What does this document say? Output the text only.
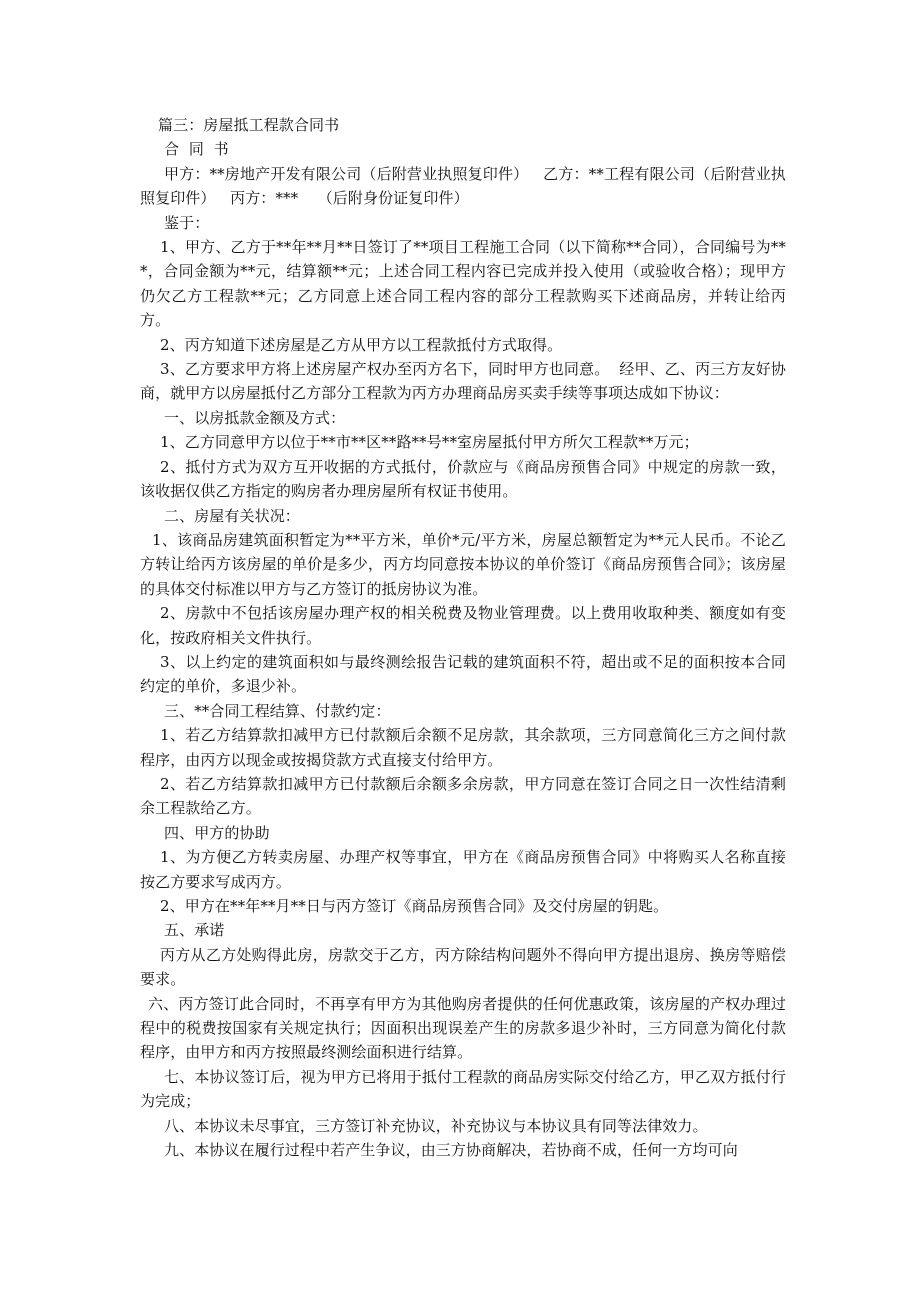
篇三：房屋抵工程款合同书

合  同  书

甲方：**房地产开发有限公司（后附营业执照复印件）   乙方：**工程有限公司（后附营业执照复印件）   丙方：***    （后附身份证复印件）

鉴于：

1、甲方、乙方于**年**月**日签订了**项目工程施工合同（以下简称**合同），合同编号为***，合同金额为**元，结算额**元；上述合同工程内容已完成并投入使用（或验收合格）；现甲方仍欠乙方工程款**元；乙方同意上述合同工程内容的部分工程款购买下述商品房，并转让给丙方。

2、丙方知道下述房屋是乙方从甲方以工程款抵付方式取得。

3、乙方要求甲方将上述房屋产权办至丙方名下，同时甲方也同意。  经甲、乙、丙三方友好协商，就甲方以房屋抵付乙方部分工程款为丙方办理商品房买卖手续等事项达成如下协议：

一、以房抵款金额及方式：

1、乙方同意甲方以位于**市**区**路**号**室房屋抵付甲方所欠工程款**万元；

2、抵付方式为双方互开收据的方式抵付，价款应与《商品房预售合同》中规定的房款一致，该收据仅供乙方指定的购房者办理房屋所有权证书使用。

二、房屋有关状况：

1、该商品房建筑面积暂定为**平方米，单价*元/平方米，房屋总额暂定为**元人民币。不论乙方转让给丙方该房屋的单价是多少，丙方均同意按本协议的单价签订《商品房预售合同》；该房屋的具体交付标准以甲方与乙方签订的抵房协议为准。

2、房款中不包括该房屋办理产权的相关税费及物业管理费。以上费用收取种类、额度如有变化，按政府相关文件执行。

3、以上约定的建筑面积如与最终测绘报告记载的建筑面积不符，超出或不足的面积按本合同约定的单价，多退少补。

三、**合同工程结算、付款约定：

1、若乙方结算款扣减甲方已付款额后余额不足房款，其余款项，三方同意简化三方之间付款程序，由丙方以现金或按揭贷款方式直接支付给甲方。

2、若乙方结算款扣减甲方已付款额后余额多余房款，甲方同意在签订合同之日一次性结清剩余工程款给乙方。

四、甲方的协助

1、为方便乙方转卖房屋、办理产权等事宜，甲方在《商品房预售合同》中将购买人名称直接按乙方要求写成丙方。

2、甲方在**年**月**日与丙方签订《商品房预售合同》及交付房屋的钥匙。

五、承诺

丙方从乙方处购得此房，房款交于乙方，丙方除结构问题外不得向甲方提出退房、换房等赔偿要求。

六、丙方签订此合同时，不再享有甲方为其他购房者提供的任何优惠政策，该房屋的产权办理过程中的税费按国家有关规定执行；因面积出现误差产生的房款多退少补时，三方同意为简化付款程序，由甲方和丙方按照最终测绘面积进行结算。

七、本协议签订后，视为甲方已将用于抵付工程款的商品房实际交付给乙方，甲乙双方抵付行为完成；

八、本协议未尽事宜，三方签订补充协议，补充协议与本协议具有同等法律效力。

九、本协议在履行过程中若产生争议，由三方协商解决，若协商不成，任何一方均可向
